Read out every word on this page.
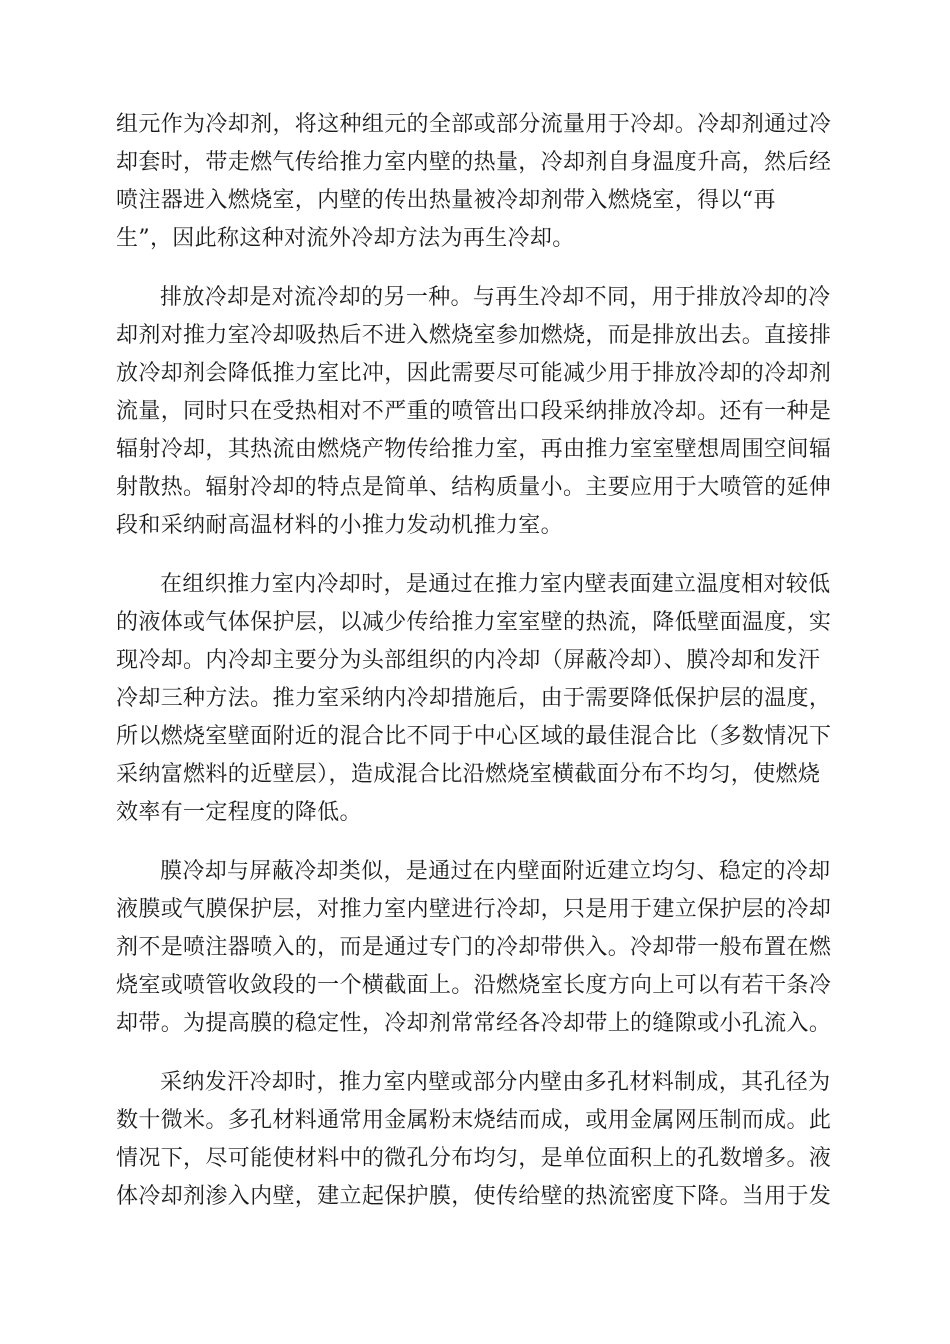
组元作为冷却剂，将这种组元的全部或部分流量用于冷却。冷却剂通过冷
却套时，带走燃气传给推力室内壁的热量，冷却剂自身温度升高，然后经
喷注器进入燃烧室，内壁的传出热量被冷却剂带入燃烧室，得以“再
生”，因此称这种对流外冷却方法为再生冷却。

排放冷却是对流冷却的另一种。与再生冷却不同，用于排放冷却的冷
却剂对推力室冷却吸热后不进入燃烧室参加燃烧，而是排放出去。直接排
放冷却剂会降低推力室比冲，因此需要尽可能减少用于排放冷却的冷却剂
流量，同时只在受热相对不严重的喷管出口段采纳排放冷却。还有一种是
辐射冷却，其热流由燃烧产物传给推力室，再由推力室室壁想周围空间辐
射散热。辐射冷却的特点是简单、结构质量小。主要应用于大喷管的延伸
段和采纳耐高温材料的小推力发动机推力室。

在组织推力室内冷却时，是通过在推力室内壁表面建立温度相对较低
的液体或气体保护层，以减少传给推力室室壁的热流，降低壁面温度，实
现冷却。内冷却主要分为头部组织的内冷却（屏蔽冷却）、膜冷却和发汗
冷却三种方法。推力室采纳内冷却措施后，由于需要降低保护层的温度，
所以燃烧室壁面附近的混合比不同于中心区域的最佳混合比（多数情况下
采纳富燃料的近壁层），造成混合比沿燃烧室横截面分布不均匀，使燃烧
效率有一定程度的降低。

膜冷却与屏蔽冷却类似，是通过在内壁面附近建立均匀、稳定的冷却
液膜或气膜保护层，对推力室内壁进行冷却，只是用于建立保护层的冷却
剂不是喷注器喷入的，而是通过专门的冷却带供入。冷却带一般布置在燃
烧室或喷管收敛段的一个横截面上。沿燃烧室长度方向上可以有若干条冷
却带。为提高膜的稳定性，冷却剂常常经各冷却带上的缝隙或小孔流入。

采纳发汗冷却时，推力室内壁或部分内壁由多孔材料制成，其孔径为
数十微米。多孔材料通常用金属粉末烧结而成，或用金属网压制而成。此
情况下，尽可能使材料中的微孔分布均匀，是单位面积上的孔数增多。液
体冷却剂渗入内壁，建立起保护膜，使传给壁的热流密度下降。当用于发
